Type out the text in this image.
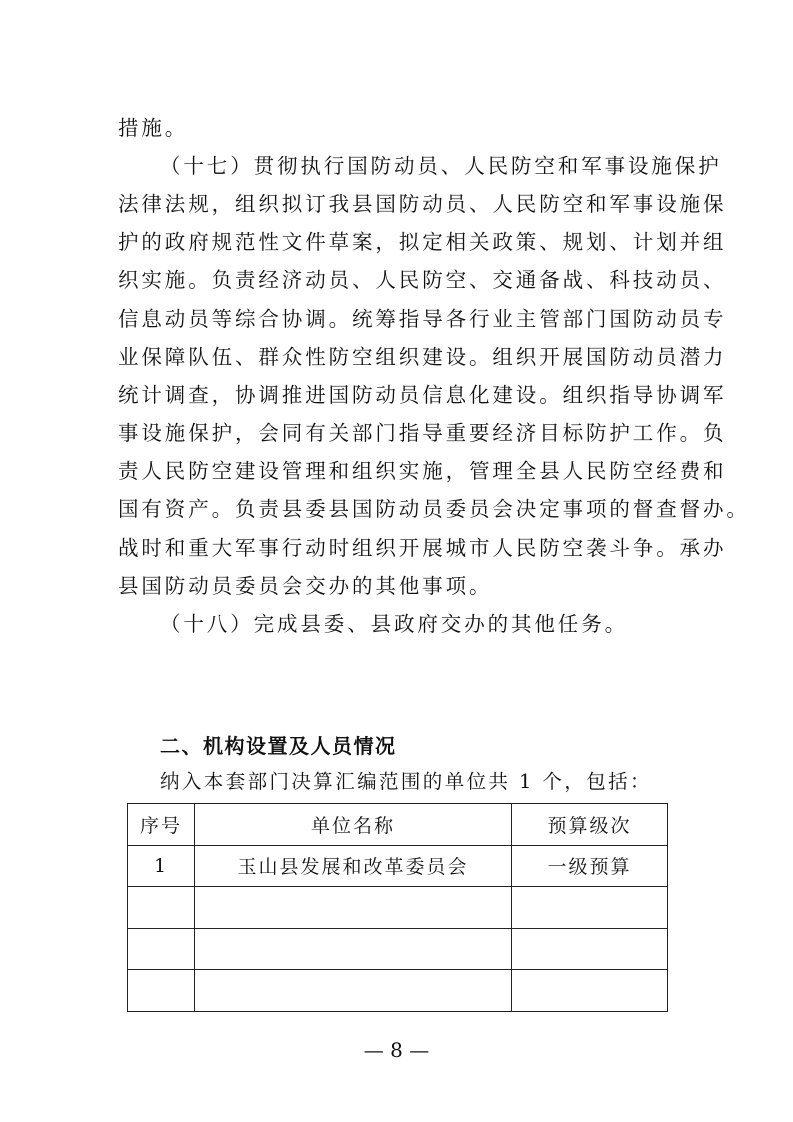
措施。
（十七）贯彻执行国防动员、人民防空和军事设施保护
法律法规，组织拟订我县国防动员、人民防空和军事设施保
护的政府规范性文件草案，拟定相关政策、规划、计划并组
织实施。负责经济动员、人民防空、交通备战、科技动员、
信息动员等综合协调。统筹指导各行业主管部门国防动员专
业保障队伍、群众性防空组织建设。组织开展国防动员潜力
统计调查，协调推进国防动员信息化建设。组织指导协调军
事设施保护，会同有关部门指导重要经济目标防护工作。负
责人民防空建设管理和组织实施，管理全县人民防空经费和
国有资产。负责县委县国防动员委员会决定事项的督查督办。
战时和重大军事行动时组织开展城市人民防空袭斗争。承办
县国防动员委员会交办的其他事项。
（十八）完成县委、县政府交办的其他任务。
二、机构设置及人员情况
纳入本套部门决算汇编范围的单位共 1 个，包括：
序号	单位名称	预算级次
1	玉山县发展和改革委员会	一级预算

— 8 —
